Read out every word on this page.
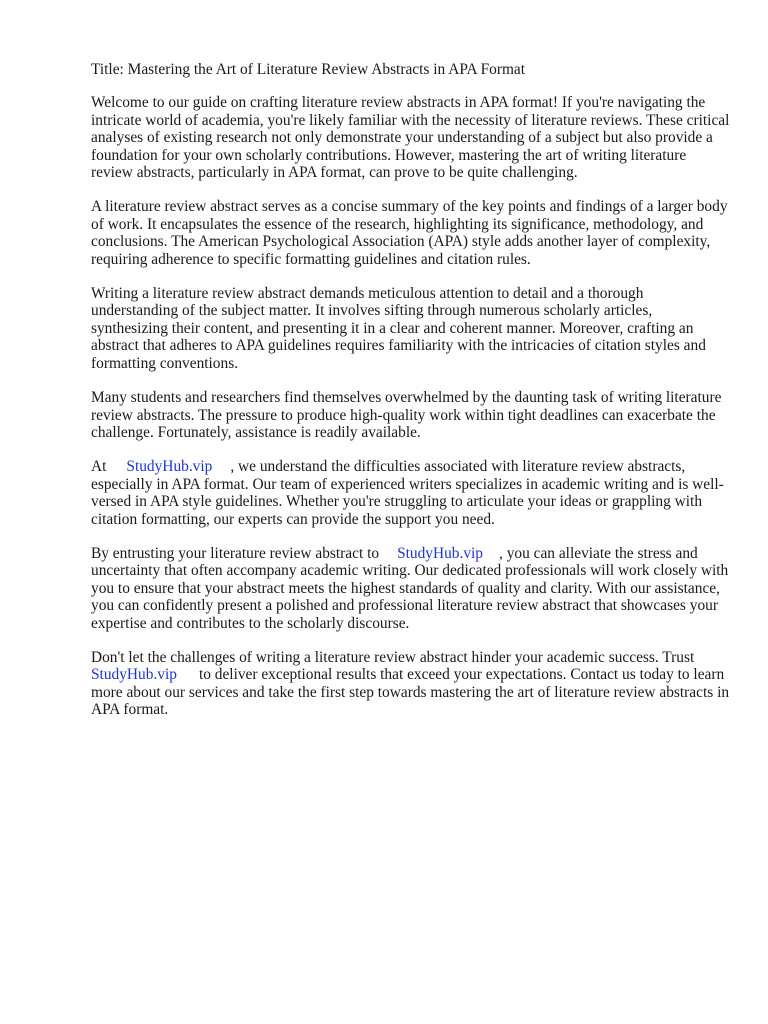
Title: Mastering the Art of Literature Review Abstracts in APA Format

Welcome to our guide on crafting literature review abstracts in APA format! If you're navigating the intricate world of academia, you're likely familiar with the necessity of literature reviews. These critical analyses of existing research not only demonstrate your understanding of a subject but also provide a foundation for your own scholarly contributions. However, mastering the art of writing literature review abstracts, particularly in APA format, can prove to be quite challenging.

A literature review abstract serves as a concise summary of the key points and findings of a larger body of work. It encapsulates the essence of the research, highlighting its significance, methodology, and conclusions. The American Psychological Association (APA) style adds another layer of complexity, requiring adherence to specific formatting guidelines and citation rules.

Writing a literature review abstract demands meticulous attention to detail and a thorough understanding of the subject matter. It involves sifting through numerous scholarly articles, synthesizing their content, and presenting it in a clear and coherent manner. Moreover, crafting an abstract that adheres to APA guidelines requires familiarity with the intricacies of citation styles and formatting conventions.

Many students and researchers find themselves overwhelmed by the daunting task of writing literature review abstracts. The pressure to produce high-quality work within tight deadlines can exacerbate the challenge. Fortunately, assistance is readily available.

At StudyHub.vip , we understand the difficulties associated with literature review abstracts, especially in APA format. Our team of experienced writers specializes in academic writing and is well-versed in APA style guidelines. Whether you're struggling to articulate your ideas or grappling with citation formatting, our experts can provide the support you need.

By entrusting your literature review abstract to StudyHub.vip , you can alleviate the stress and uncertainty that often accompany academic writing. Our dedicated professionals will work closely with you to ensure that your abstract meets the highest standards of quality and clarity. With our assistance, you can confidently present a polished and professional literature review abstract that showcases your expertise and contributes to the scholarly discourse.

Don't let the challenges of writing a literature review abstract hinder your academic success. Trust StudyHub.vip to deliver exceptional results that exceed your expectations. Contact us today to learn more about our services and take the first step towards mastering the art of literature review abstracts in APA format.
